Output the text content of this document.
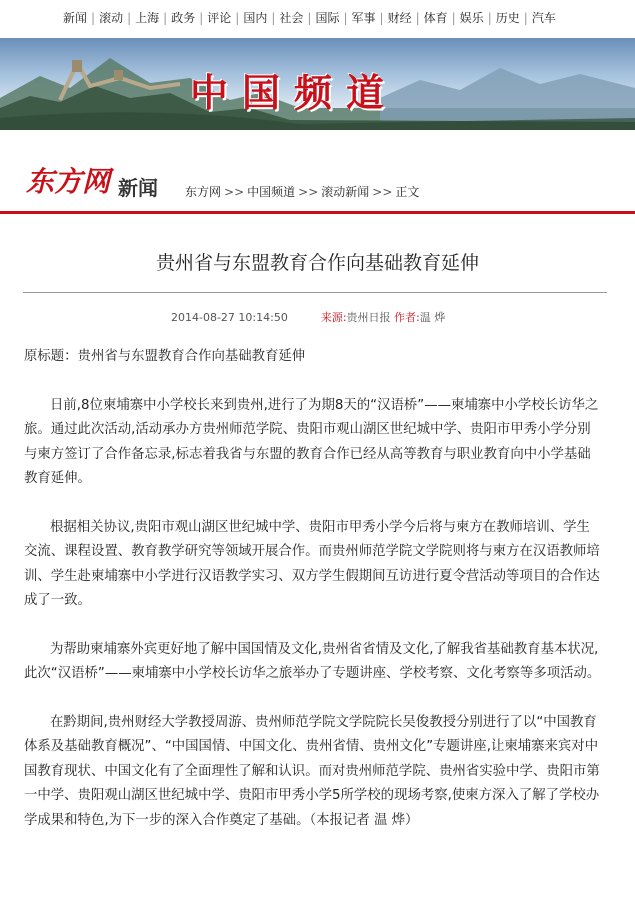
新闻 | 滚动 | 上海 | 政务 | 评论 | 国内 | 社会 | 国际 | 军事 | 财经 | 体育 | 娱乐 | 历史 | 汽车
中国频道
东方网 新闻 东方网 >> 中国频道 >> 滚动新闻 >> 正文
贵州省与东盟教育合作向基础教育延伸
2014-08-27 10:14:50	来源:贵州日报 作者:温 烨

原标题：贵州省与东盟教育合作向基础教育延伸

日前,8位柬埔寨中小学校长来到贵州,进行了为期8天的“汉语桥”——柬埔寨中小学校长访华之旅。通过此次活动,活动承办方贵州师范学院、贵阳市观山湖区世纪城中学、贵阳市甲秀小学分别与柬方签订了合作备忘录,标志着我省与东盟的教育合作已经从高等教育与职业教育向中小学基础教育延伸。

根据相关协议,贵阳市观山湖区世纪城中学、贵阳市甲秀小学今后将与柬方在教师培训、学生交流、课程设置、教育教学研究等领域开展合作。而贵州师范学院文学院则将与柬方在汉语教师培训、学生赴柬埔寨中小学进行汉语教学实习、双方学生假期间互访进行夏令营活动等项目的合作达成了一致。

为帮助柬埔寨外宾更好地了解中国国情及文化,贵州省省情及文化,了解我省基础教育基本状况,此次“汉语桥”——柬埔寨中小学校长访华之旅举办了专题讲座、学校考察、文化考察等多项活动。

在黔期间,贵州财经大学教授周游、贵州师范学院文学院院长吴俊教授分别进行了以“中国教育体系及基础教育概况”、“中国国情、中国文化、贵州省情、贵州文化”专题讲座,让柬埔寨来宾对中国教育现状、中国文化有了全面理性了解和认识。而对贵州师范学院、贵州省实验中学、贵阳市第一中学、贵阳观山湖区世纪城中学、贵阳市甲秀小学5所学校的现场考察,使柬方深入了解了学校办学成果和特色,为下一步的深入合作奠定了基础。（本报记者 温 烨）
